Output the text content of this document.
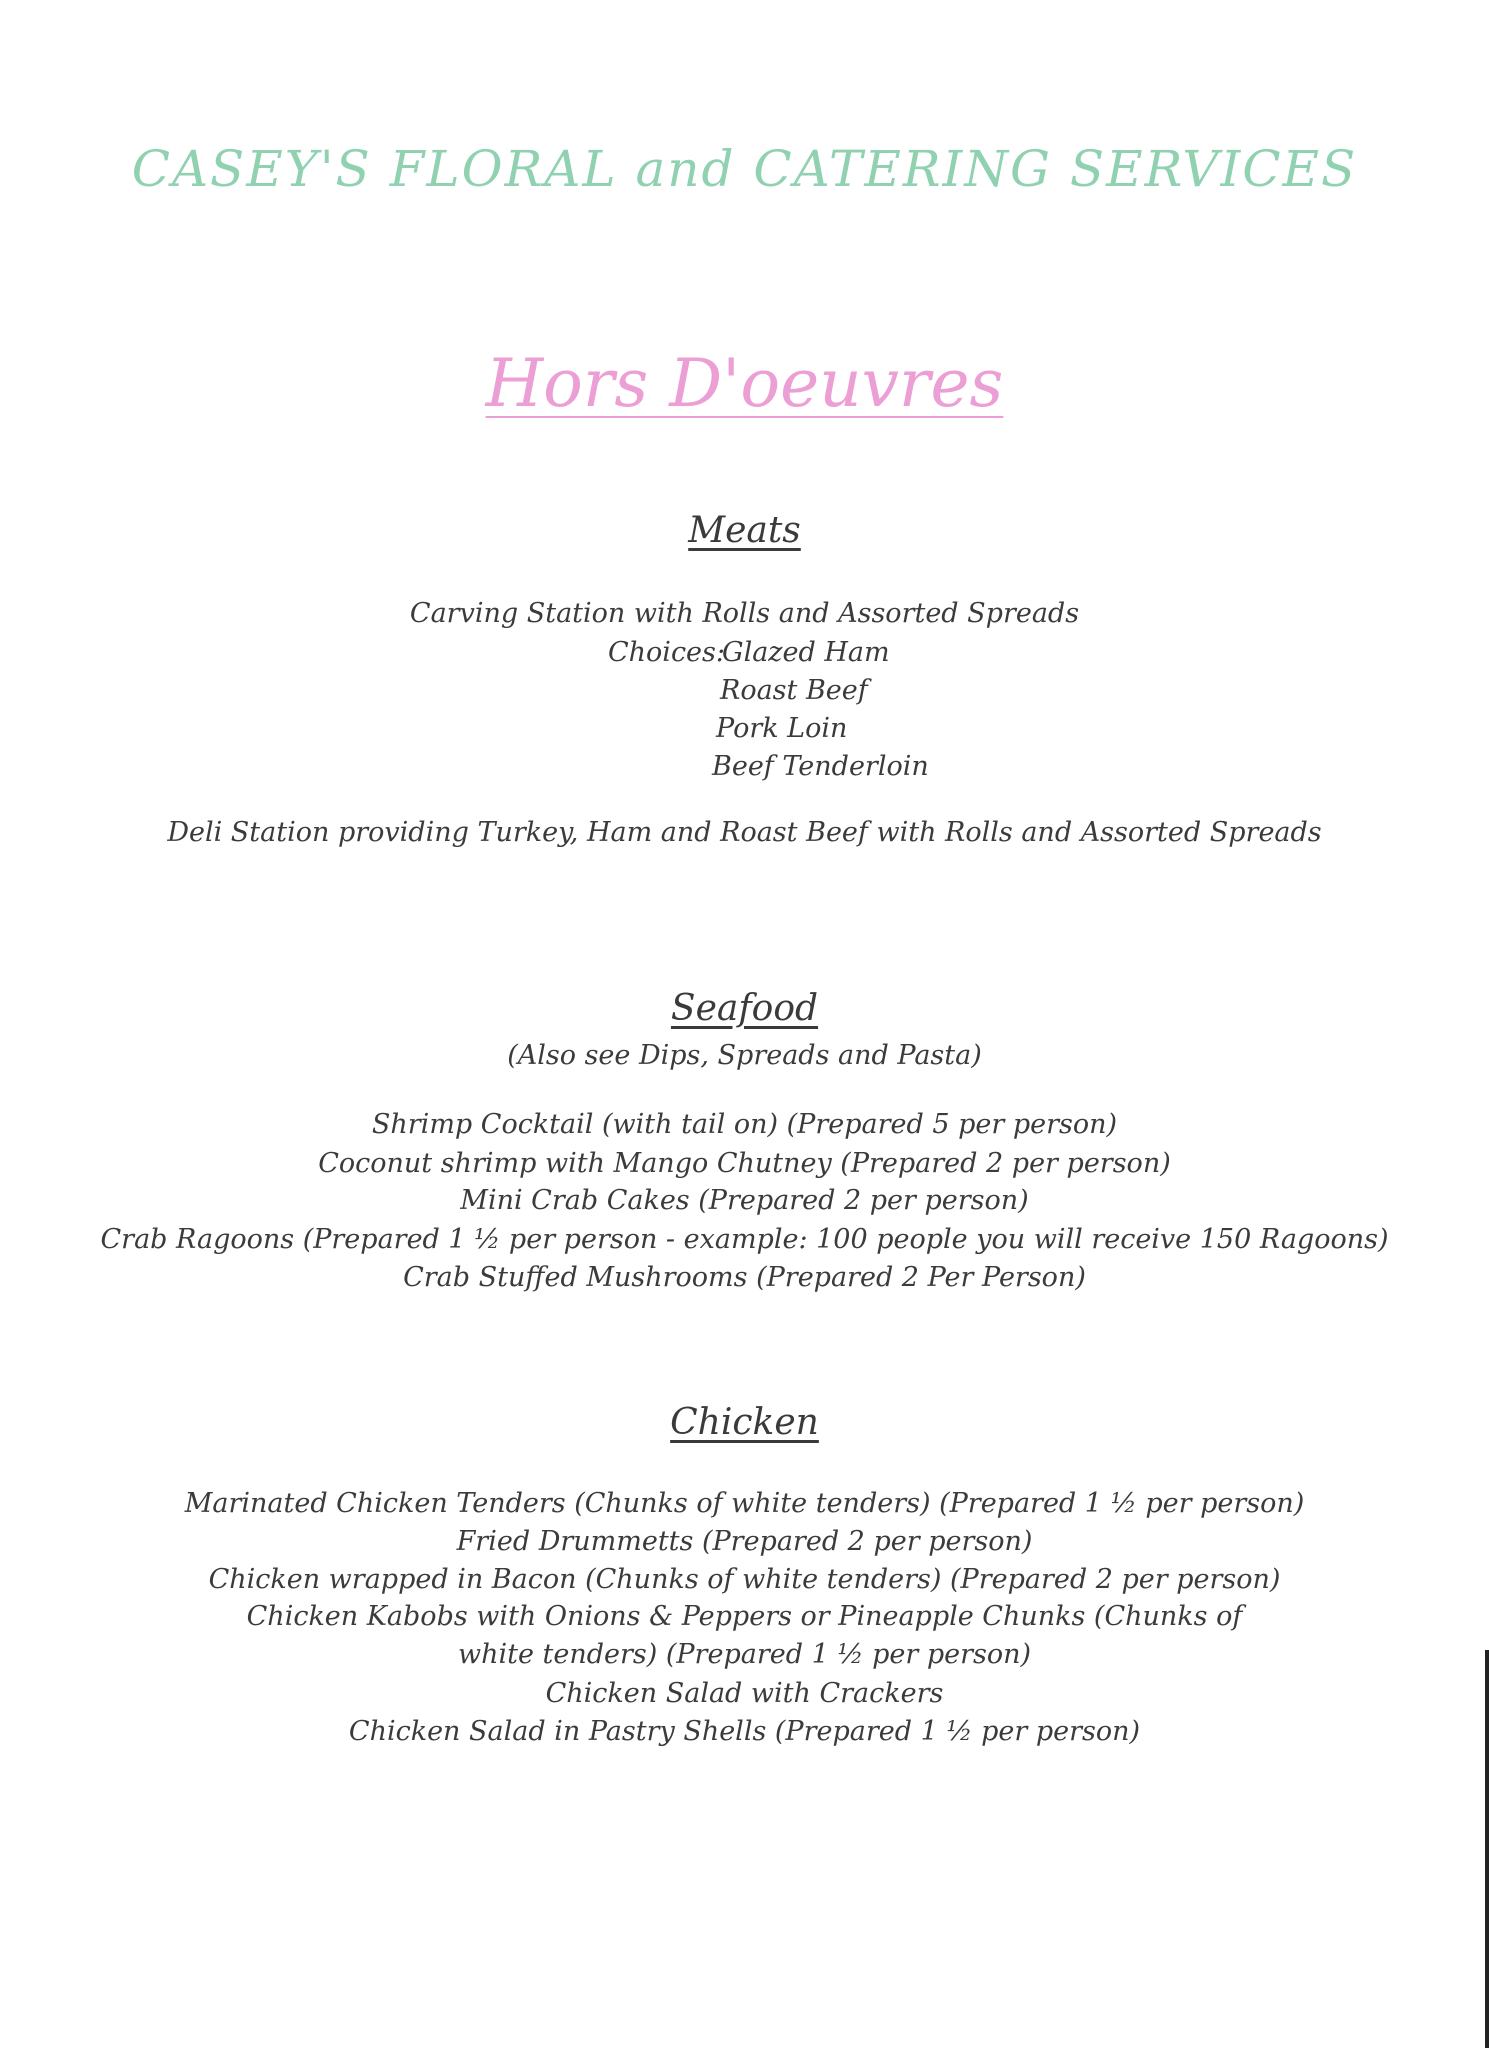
CASEY'S FLORAL and CATERING SERVICES
Hors D'oeuvres
Meats
Carving Station with Rolls and Assorted Spreads
Choices:
Glazed Ham
Roast Beef
Pork Loin
Beef Tenderloin
Deli Station providing Turkey, Ham and Roast Beef with Rolls and Assorted Spreads
Seafood
(Also see Dips, Spreads and Pasta)
Shrimp Cocktail (with tail on) (Prepared 5 per person)
Coconut shrimp with Mango Chutney (Prepared 2 per person)
Mini Crab Cakes (Prepared 2 per person)
Crab Ragoons (Prepared 1 ½ per person - example: 100 people you will receive 150 Ragoons)
Crab Stuffed Mushrooms (Prepared 2 Per Person)
Chicken
Marinated Chicken Tenders (Chunks of white tenders) (Prepared 1 ½ per person)
Fried Drummetts (Prepared 2 per person)
Chicken wrapped in Bacon (Chunks of white tenders) (Prepared 2 per person)
Chicken Kabobs with Onions & Peppers or Pineapple Chunks (Chunks of
white tenders) (Prepared 1 ½ per person)
Chicken Salad with Crackers
Chicken Salad in Pastry Shells (Prepared 1 ½ per person)
